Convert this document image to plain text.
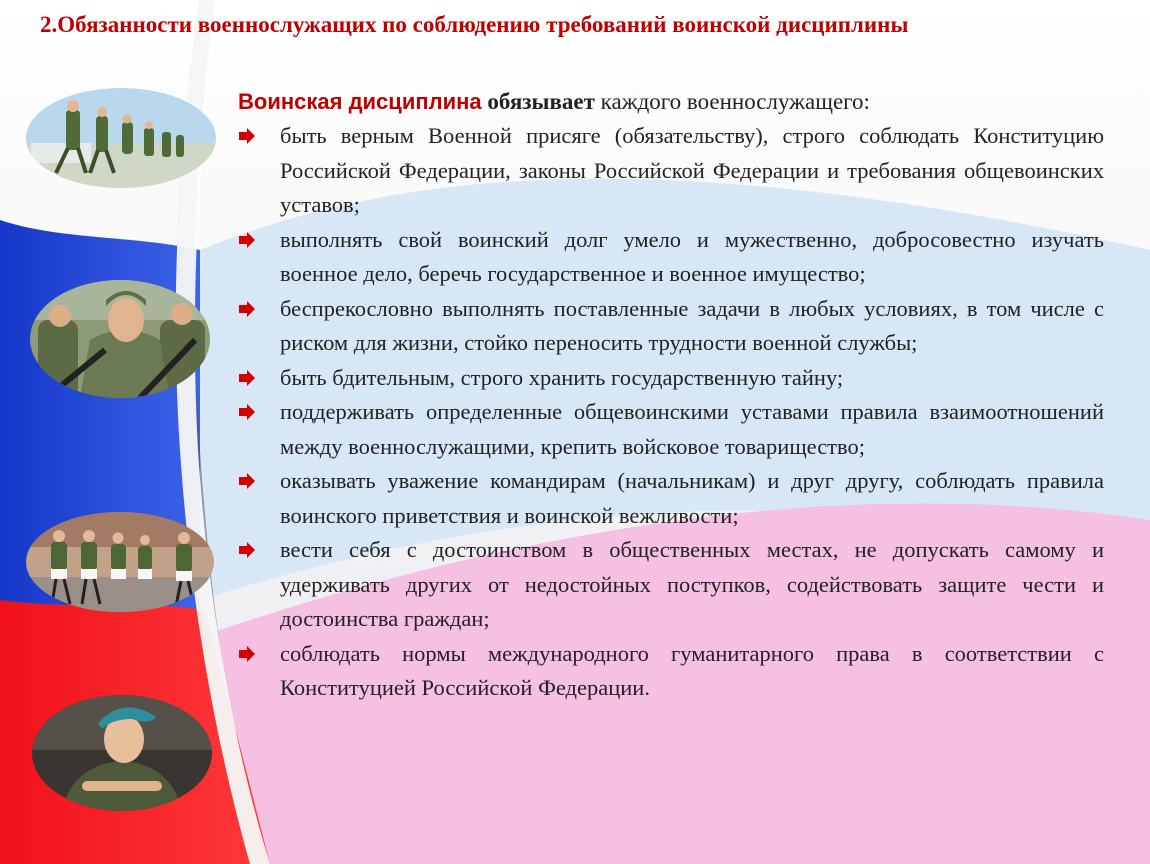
2.Обязанности военнослужащих по соблюдению требований воинской дисциплины
Воинская дисциплина обязывает каждого военнослужащего:
быть верным Военной присяге (обязательству), строго соблюдать Конституцию Российской Федерации, законы Российской Федерации и требования общевоинских уставов;
выполнять свой воинский долг умело и мужественно, добросовестно изучать военное дело, беречь государственное и военное имущество;
беспрекословно выполнять поставленные задачи в любых условиях, в том числе с риском для жизни, стойко переносить трудности военной службы;
быть бдительным, строго хранить государственную тайну;
поддерживать определенные общевоинскими уставами правила взаимоотношений между военнослужащими, крепить войсковое товарищество;
оказывать уважение командирам (начальникам) и друг другу, соблюдать правила воинского приветствия и воинской вежливости;
вести себя с достоинством в общественных местах, не допускать самому и удерживать других от недостойных поступков, содействовать защите чести и достоинства граждан;
соблюдать нормы международного гуманитарного права в соответствии с Конституцией Российской Федерации.
